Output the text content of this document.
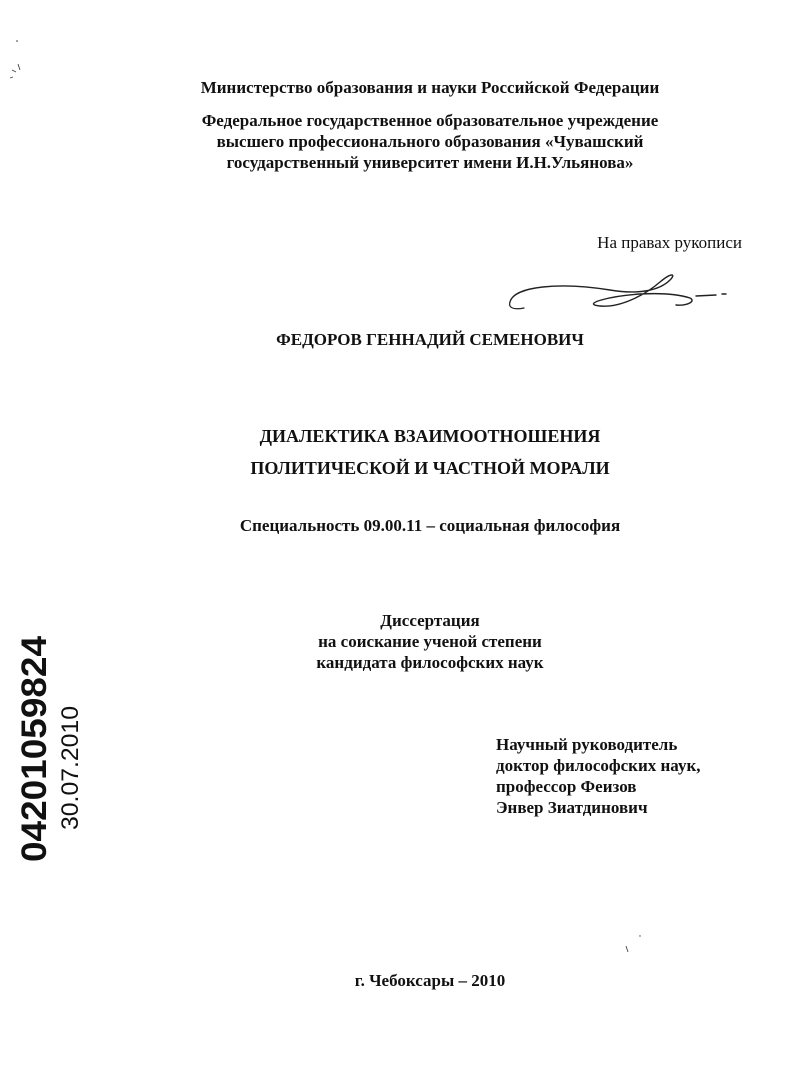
Министерство образования и науки Российской Федерации
Федеральное государственное образовательное учреждение
высшего профессионального образования «Чувашский
государственный университет имени И.Н.Ульянова»
На правах рукописи
ФЕДОРОВ ГЕННАДИЙ СЕМЕНОВИЧ
ДИАЛЕКТИКА ВЗАИМООТНОШЕНИЯ
ПОЛИТИЧЕСКОЙ И ЧАСТНОЙ МОРАЛИ
Специальность 09.00.11 – социальная философия
Диссертация
на соискание ученой степени
кандидата философских наук
Научный руководитель
доктор философских наук,
профессор Феизов
Энвер Зиатдинович
г. Чебоксары – 2010
04201059824 30.07.2010
